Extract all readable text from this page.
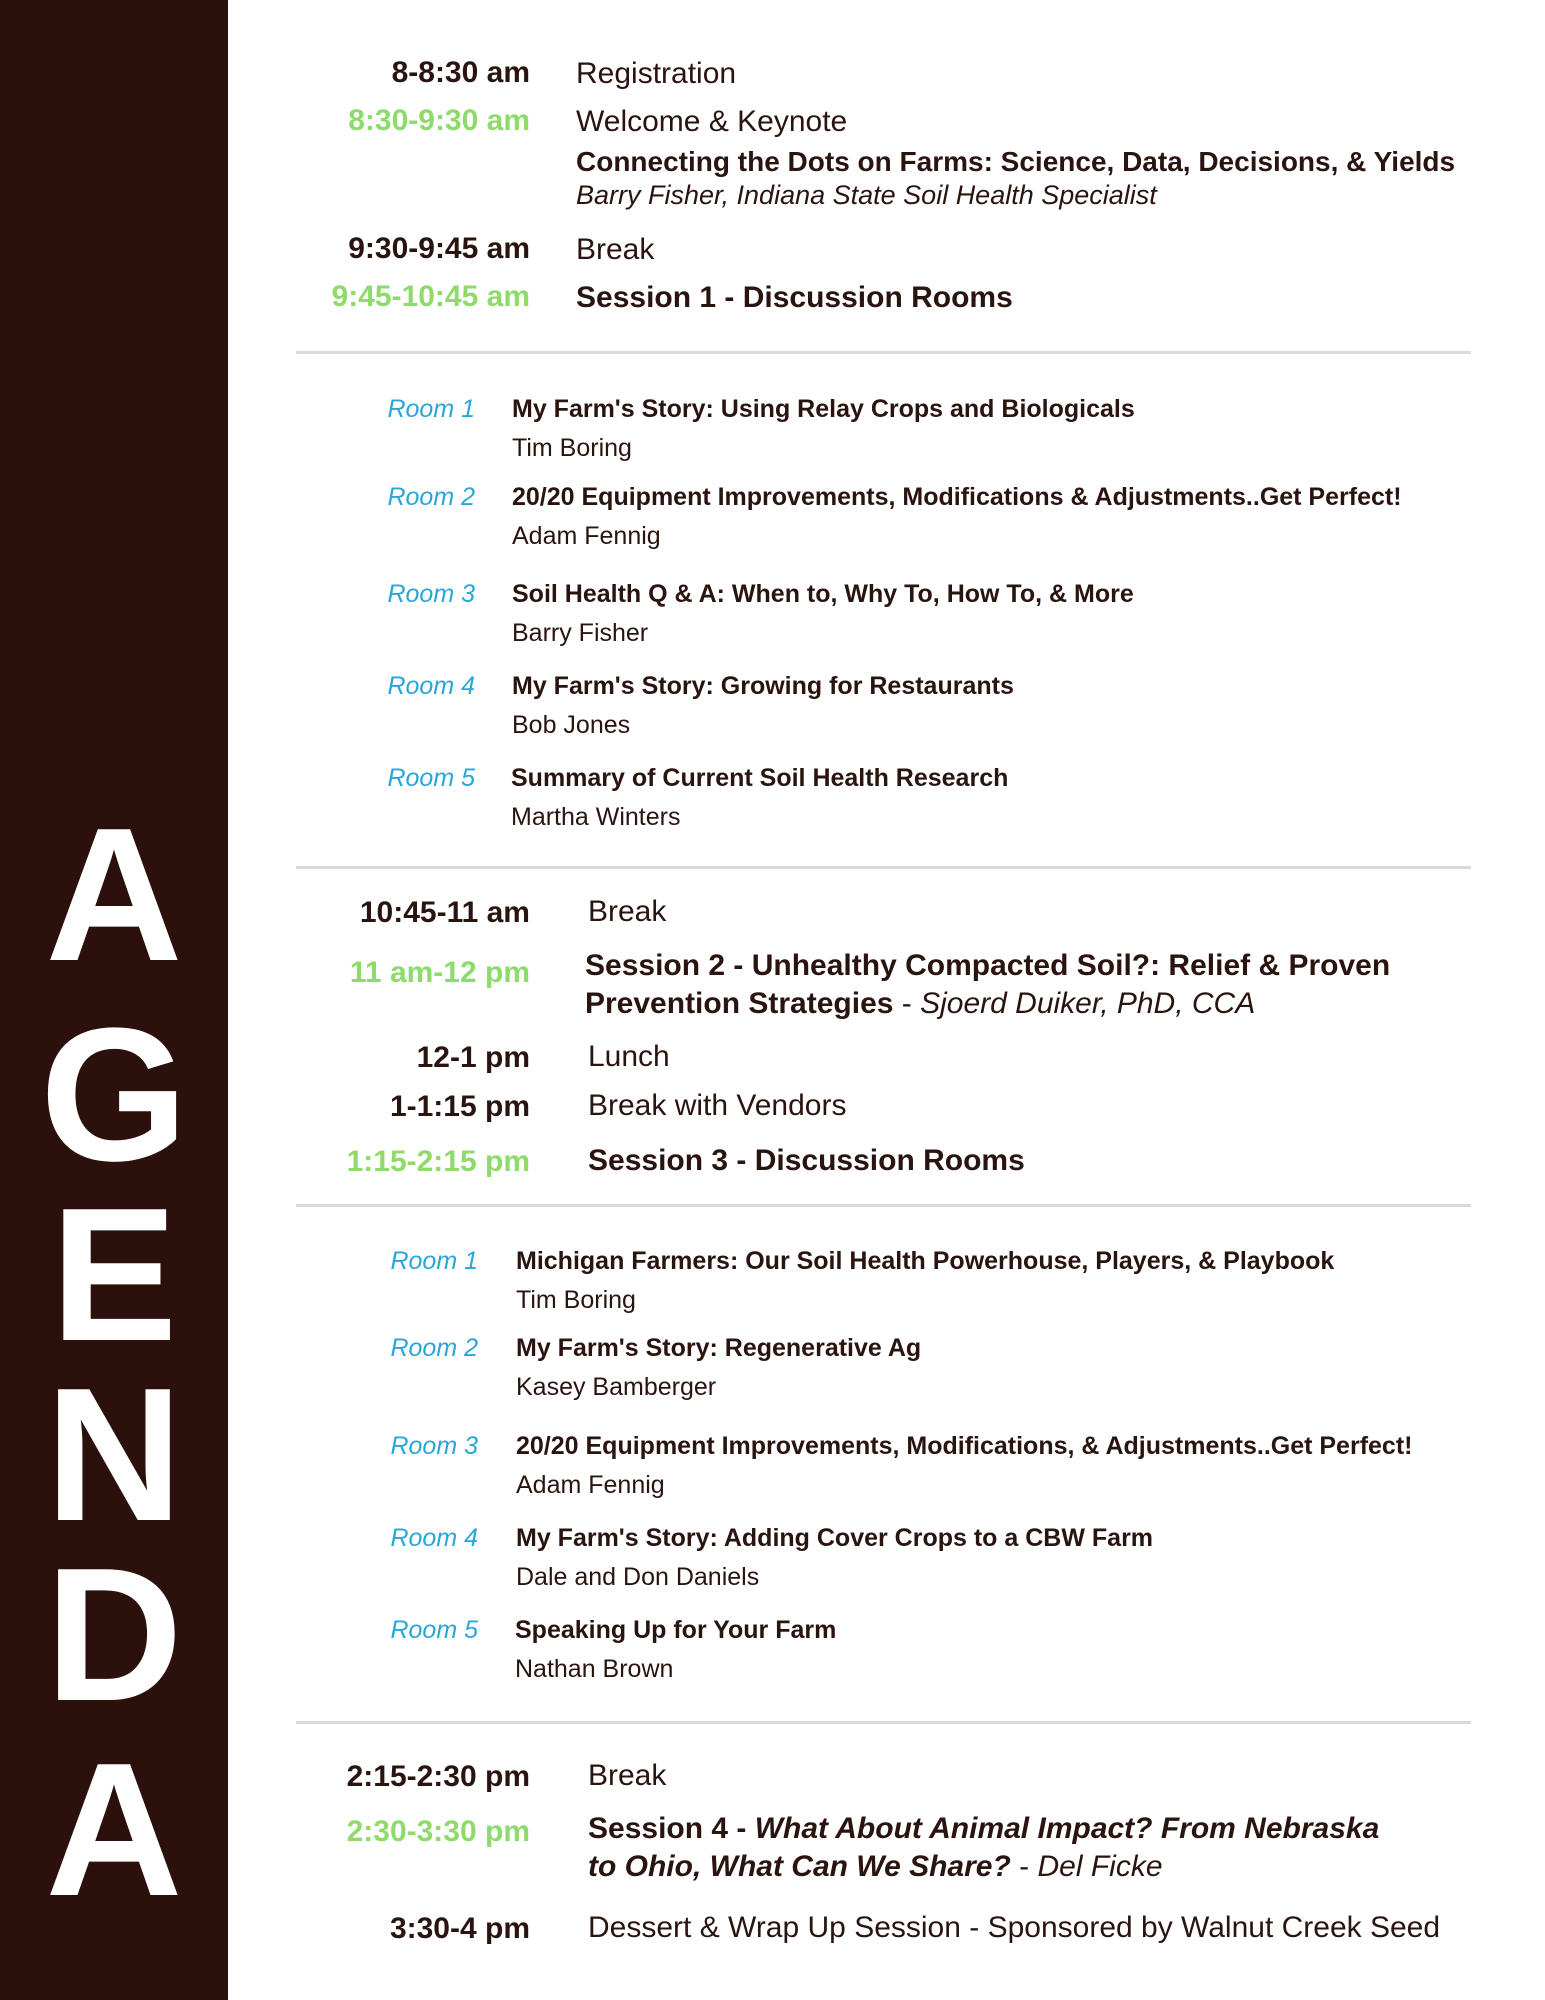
A
G
E
N
D
A
8-8:30 am Registration
8:30-9:30 am Welcome & Keynote
Connecting the Dots on Farms: Science, Data, Decisions, & Yields
Barry Fisher, Indiana State Soil Health Specialist
9:30-9:45 am Break
9:45-10:45 am Session 1 - Discussion Rooms
Room 1 My Farm's Story: Using Relay Crops and Biologicals
Tim Boring
Room 2 20/20 Equipment Improvements, Modifications & Adjustments..Get Perfect!
Adam Fennig
Room 3 Soil Health Q & A: When to, Why To, How To, & More
Barry Fisher
Room 4 My Farm's Story: Growing for Restaurants
Bob Jones
Room 5 Summary of Current Soil Health Research
Martha Winters
10:45-11 am Break
11 am-12 pm Session 2 - Unhealthy Compacted Soil?: Relief & Proven
Prevention Strategies - Sjoerd Duiker, PhD, CCA
12-1 pm Lunch
1-1:15 pm Break with Vendors
1:15-2:15 pm Session 3 - Discussion Rooms
Room 1 Michigan Farmers: Our Soil Health Powerhouse, Players, & Playbook
Tim Boring
Room 2 My Farm's Story: Regenerative Ag
Kasey Bamberger
Room 3 20/20 Equipment Improvements, Modifications, & Adjustments..Get Perfect!
Adam Fennig
Room 4 My Farm's Story: Adding Cover Crops to a CBW Farm
Dale and Don Daniels
Room 5 Speaking Up for Your Farm
Nathan Brown
2:15-2:30 pm Break
2:30-3:30 pm Session 4 - What About Animal Impact? From Nebraska
to Ohio, What Can We Share? - Del Ficke
3:30-4 pm Dessert & Wrap Up Session - Sponsored by Walnut Creek Seed
